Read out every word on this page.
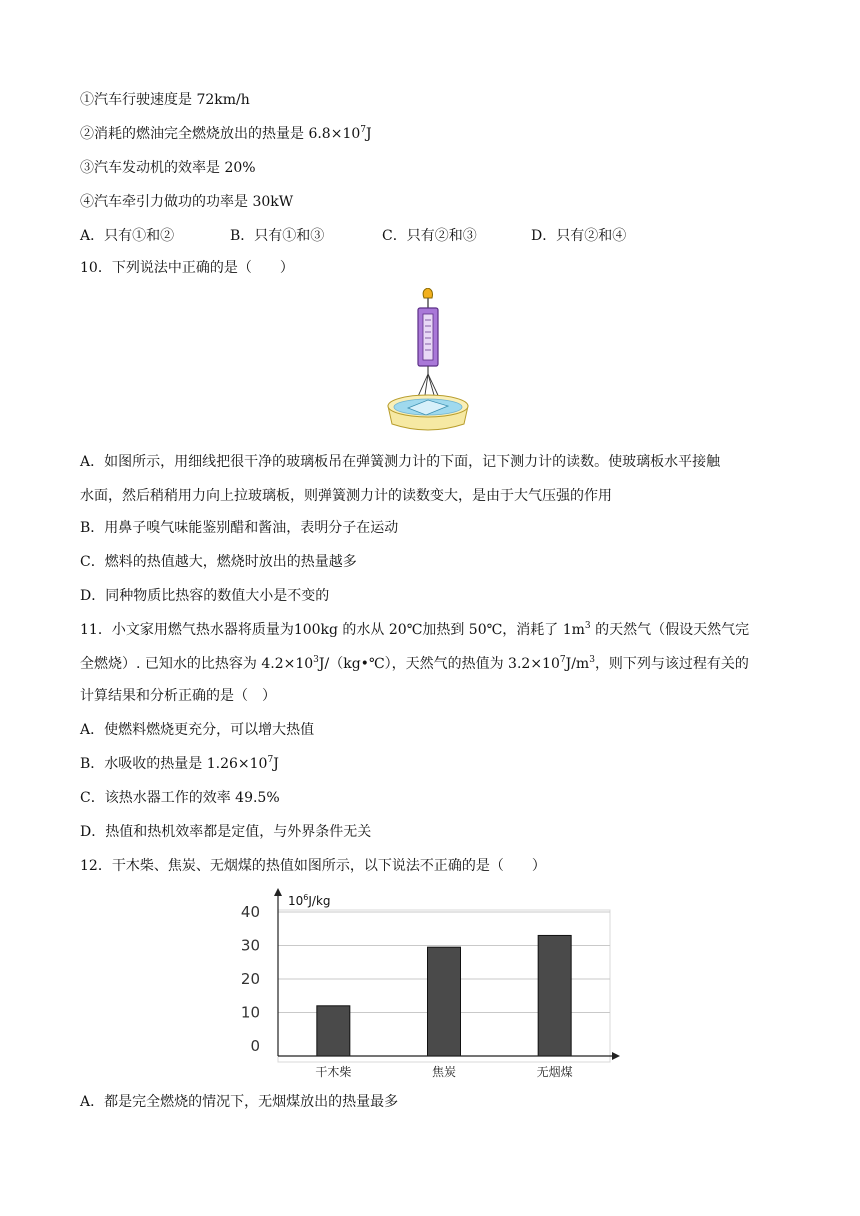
①汽车行驶速度是 72km/h
②消耗的燃油完全燃烧放出的热量是 $6.8\times 10^7J$
③汽车发动机的效率是 20%
④汽车牵引力做功的功率是 30kW
A．只有①和②	B．只有①和③	C．只有②和③	D．只有②和④
10．下列说法中正确的是（　　）
A．如图所示，用细线把很干净的玻璃板吊在弹簧测力计的下面，记下测力计的读数。使玻璃板水平接触
水面，然后稍稍用力向上拉玻璃板，则弹簧测力计的读数变大，是由于大气压强的作用
B．用鼻子嗅气味能鉴别醋和酱油，表明分子在运动
C．燃料的热值越大，燃烧时放出的热量越多
D．同种物质比热容的数值大小是不变的
11．小文家用燃气热水器将质量为100kg 的水从 20℃加热到 50℃，消耗了 $1m^3$ 的天然气（假设天然气完
全燃烧）. 已知水的比热容为 $4.2\times 10^3J/(kg•℃)$，天然气的热值为 $3.2\times 10^7J/m^3$，则下列与该过程有关的
计算结果和分析正确的是（　）
A．使燃料燃烧更充分，可以增大热值
B．水吸收的热量是 $1.26\times 10^7J$
C．该热水器工作的效率 49.5%
D．热值和热机效率都是定值，与外界条件无关
12．干木柴、焦炭、无烟煤的热值如图所示，以下说法不正确的是（　　）
$10^6J/kg$
0
10
20
30
40
干木柴	焦炭	无烟煤
A．都是完全燃烧的情况下，无烟煤放出的热量最多
